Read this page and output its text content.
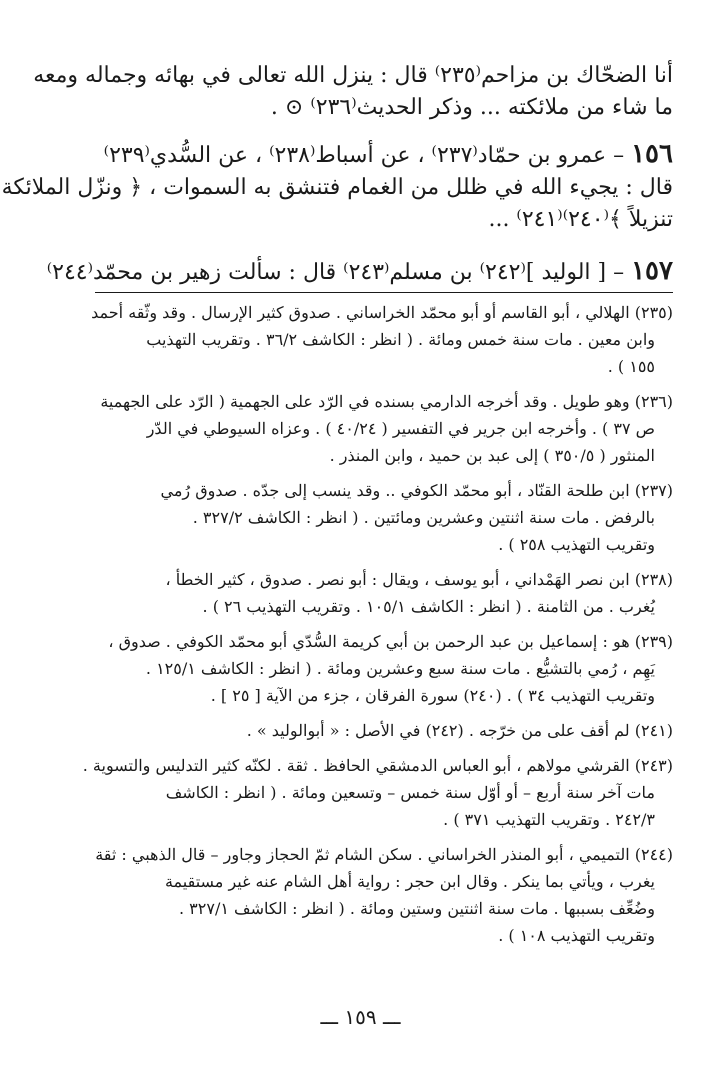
أنا الضحّاك بن مزاحم⁽٢٣٥⁾ قال : ينزل الله تعالى في بهائه وجماله ومعه
ما شاء من ملائكته ... وذكر الحديث⁽٢٣٦⁾ ⊙ .
١٥٦ – عمرو بن حمّاد⁽٢٣٧⁾ ، عن أسباط⁽٢٣٨⁾ ، عن السُّدي⁽٢٣٩⁾
قال : يجيء الله في ظلل من الغمام فتنشق به السموات ، ﴿ ونزّل الملائكة
تنزيلاً ﴾⁽٢٤٠⁾⁽٢٤١⁾ ...
١٥٧ – [ الوليد ]⁽٢٤٢⁾ بن مسلم⁽٢٤٣⁾ قال : سألت زهير بن محمّد⁽٢٤٤⁾
(٢٣٥) الهلالي ، أبو القاسم أو أبو محمّد الخراساني . صدوق كثير الإرسال . وقد وثّقه أحمد
وابن معين . مات سنة خمس ومائة . ( انظر : الكاشف ٣٦/٢ . وتقريب التهذيب
١٥٥ ) .
(٢٣٦) وهو طويل . وقد أخرجه الدارمي بسنده في الرّد على الجهمية ( الرّد على الجهمية
ص ٣٧ ) . وأخرجه ابن جرير في التفسير ( ٤٠/٢٤ ) . وعزاه السيوطي في الدّر
المنثور ( ٣٥٠/٥ ) إلى عبد بن حميد ، وابن المنذر .
(٢٣٧) ابن طلحة القنّاد ، أبو محمّد الكوفي .. وقد ينسب إلى جدّه . صدوق رُمي
بالرفض . مات سنة اثنتين وعشرين ومائتين . ( انظر : الكاشف ٣٢٧/٢ .
وتقريب التهذيب ٢٥٨ ) .
(٢٣٨) ابن نصر الهَمْداني ، أبو يوسف ، ويقال : أبو نصر . صدوق ، كثير الخطأ ،
يُغرب . من الثامنة . ( انظر : الكاشف ١٠٥/١ . وتقريب التهذيب ٢٦ ) .
(٢٣٩) هو : إسماعيل بن عبد الرحمن بن أبي كريمة السُّدّي أبو محمّد الكوفي . صدوق ،
يَهِم ، رُمي بالتشيُّع . مات سنة سبع وعشرين ومائة . ( انظر : الكاشف ١٢٥/١ .
وتقريب التهذيب ٣٤ ) . (٢٤٠) سورة الفرقان ، جزء من الآية [ ٢٥ ] .
(٢٤١) لم أقف على من خرّجه . (٢٤٢) في الأصل : « أبوالوليد » .
(٢٤٣) القرشي مولاهم ، أبو العباس الدمشقي الحافظ . ثقة . لكنّه كثير التدليس والتسوية .
مات آخر سنة أربع – أو أوّل سنة خمس – وتسعين ومائة . ( انظر : الكاشف
٢٤٢/٣ . وتقريب التهذيب ٣٧١ ) .
(٢٤٤) التميمي ، أبو المنذر الخراساني . سكن الشام ثمّ الحجاز وجاور – قال الذهبي : ثقة
يغرب ، ويأتي بما ينكر . وقال ابن حجر : رواية أهل الشام عنه غير مستقيمة
وضُعِّف بسببها . مات سنة اثنتين وستين ومائة . ( انظر : الكاشف ٣٢٧/١ .
وتقريب التهذيب ١٠٨ ) .
ـــ ١٥٩ ـــ
